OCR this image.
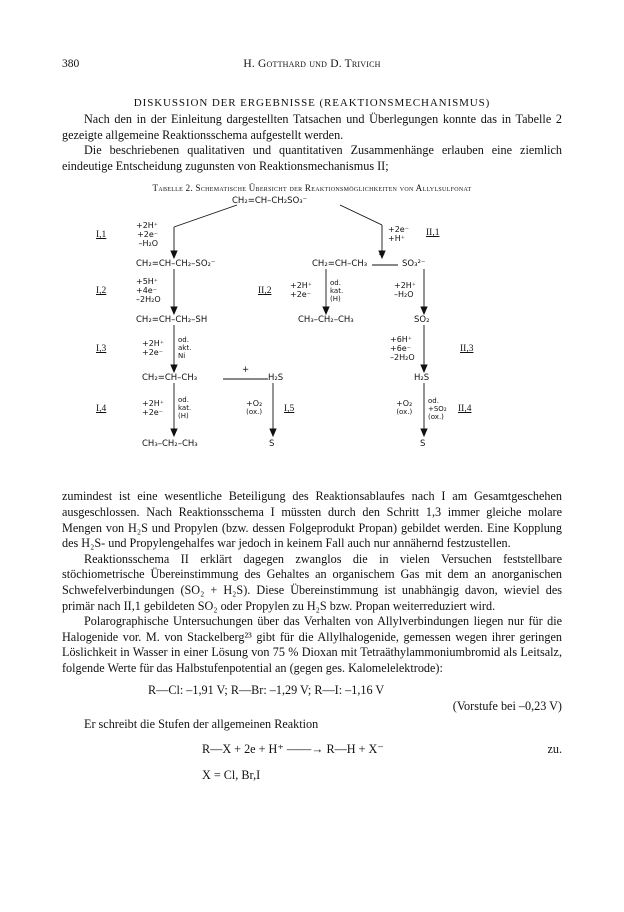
380	H. Gotthard und D. Trivich
DISKUSSION DER ERGEBNISSE (REAKTIONSMECHANISMUS)

Nach den in der Einleitung dargestellten Tatsachen und Überlegungen konnte das in Tabelle 2 gezeigte allgemeine Reaktionsschema aufgestellt werden.

Die beschriebenen qualitativen und quantitativen Zusammenhänge erlauben eine ziemlich eindeutige Entscheidung zugunsten von Reaktionsmechanismus II;

Tabelle 2. Schematische Übersicht der Reaktionsmöglichkeiten von Allylsulfonat
CH₂=CH–CH₂SO₃⁻
I,1
+2H⁺
+2e⁻
–H₂O
CH₂=CH–CH₂–SO₂⁻
I,2
+5H⁺
+4e⁻
–2H₂O
CH₂=CH–CH₂–SH
I,3
+2H⁺
+2e⁻
od.
akt.
Ni
CH₂=CH–CH₃
+
H₂S
I,4
+2H⁺
+2e⁻
od.
kat.
(H)
CH₃–CH₂–CH₃
+O₂
(ox.) I,5
S
+2e⁻
+H⁺
II,1
CH₂=CH–CH₃
+
SO₃²⁻
II,2
+2H⁺
+2e⁻
od.
kat.
(H)
+2H⁺
–H₂O
CH₃–CH₂–CH₃	SO₂
+6H⁺
+6e⁻
–2H₂O
II,3
H₂S
+O₂
(ox.)
od.
+SO₂
(ox.)
II,4
S

zumindest ist eine wesentliche Beteiligung des Reaktionsablaufes nach I am Gesamtgeschehen ausgeschlossen. Nach Reaktionsschema I müssten durch den Schritt 1,3 immer gleiche molare Mengen von H₂S und Propylen (bzw. dessen Folgeprodukt Propan) gebildet werden. Eine Kopplung des H₂S- und Propylengehalfes war jedoch in keinem Fall auch nur annähernd festzustellen.

Reaktionsschema II erklärt dagegen zwanglos die in vielen Versuchen feststellbare stöchiometrische Übereinstimmung des Gehaltes an organischem Gas mit dem an anorganischen Schwefelverbindungen (SO₂ + H₂S). Diese Übereinstimmung ist unabhängig davon, wieviel des primär nach II,1 gebildeten SO₂ oder Propylen zu H₂S bzw. Propan weiterreduziert wird.

Polarographische Untersuchungen über das Verhalten von Allylverbindungen liegen nur für die Halogenide vor. M. von Stackelberg²³ gibt für die Allylhalogenide, gemessen wegen ihrer geringen Löslichkeit in Wasser in einer Lösung von 75 % Dioxan mit Tetraäthylammoniumbromid als Leitsalz, folgende Werte für das Halbstufenpotential an (gegen ges. Kalomelelektrode):

R—Cl: –1,91 V; R—Br: –1,29 V; R—I: –1,16 V
(Vorstufe bei –0,23 V)

Er schreibt die Stufen der allgemeinen Reaktion

R—X + 2e + H⁺ ——→ R—H + X⁻	zu.
X = Cl, Br,I
